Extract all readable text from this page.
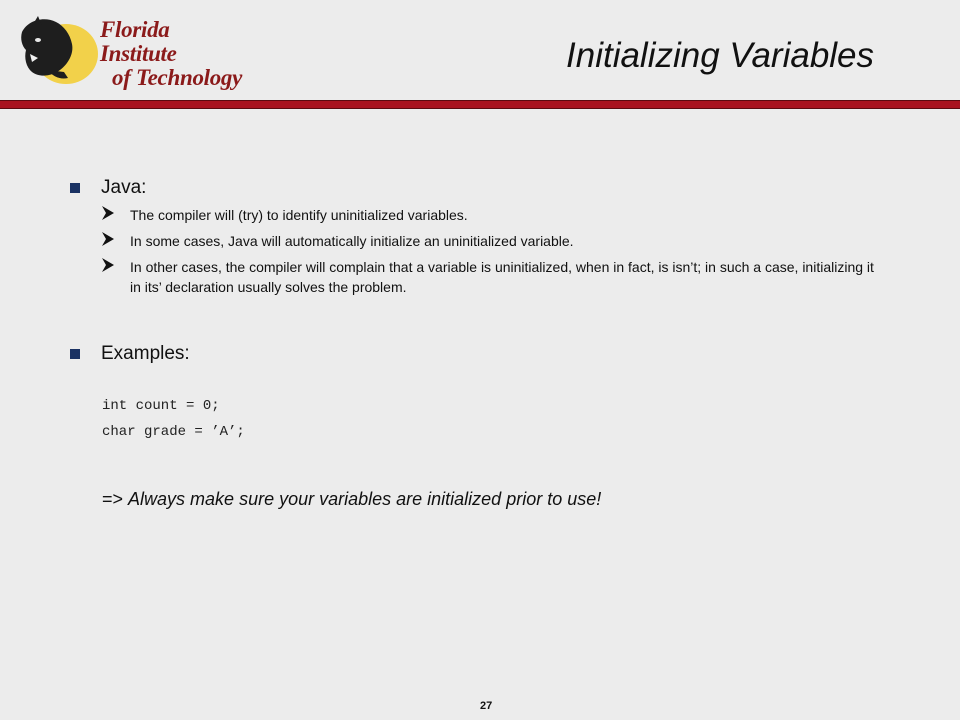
Florida Institute
of Technology
Initializing Variables
Java:
The compiler will (try) to identify uninitialized variables.
In some cases, Java will automatically initialize an uninitialized variable.
In other cases, the compiler will complain that a variable is uninitialized, when in fact, is isn’t; in such a case, initializing it in its’ declaration usually solves the problem.
Examples:
int count = 0;
char grade = ’A’;
=> Always make sure your variables are initialized prior to use!
27
